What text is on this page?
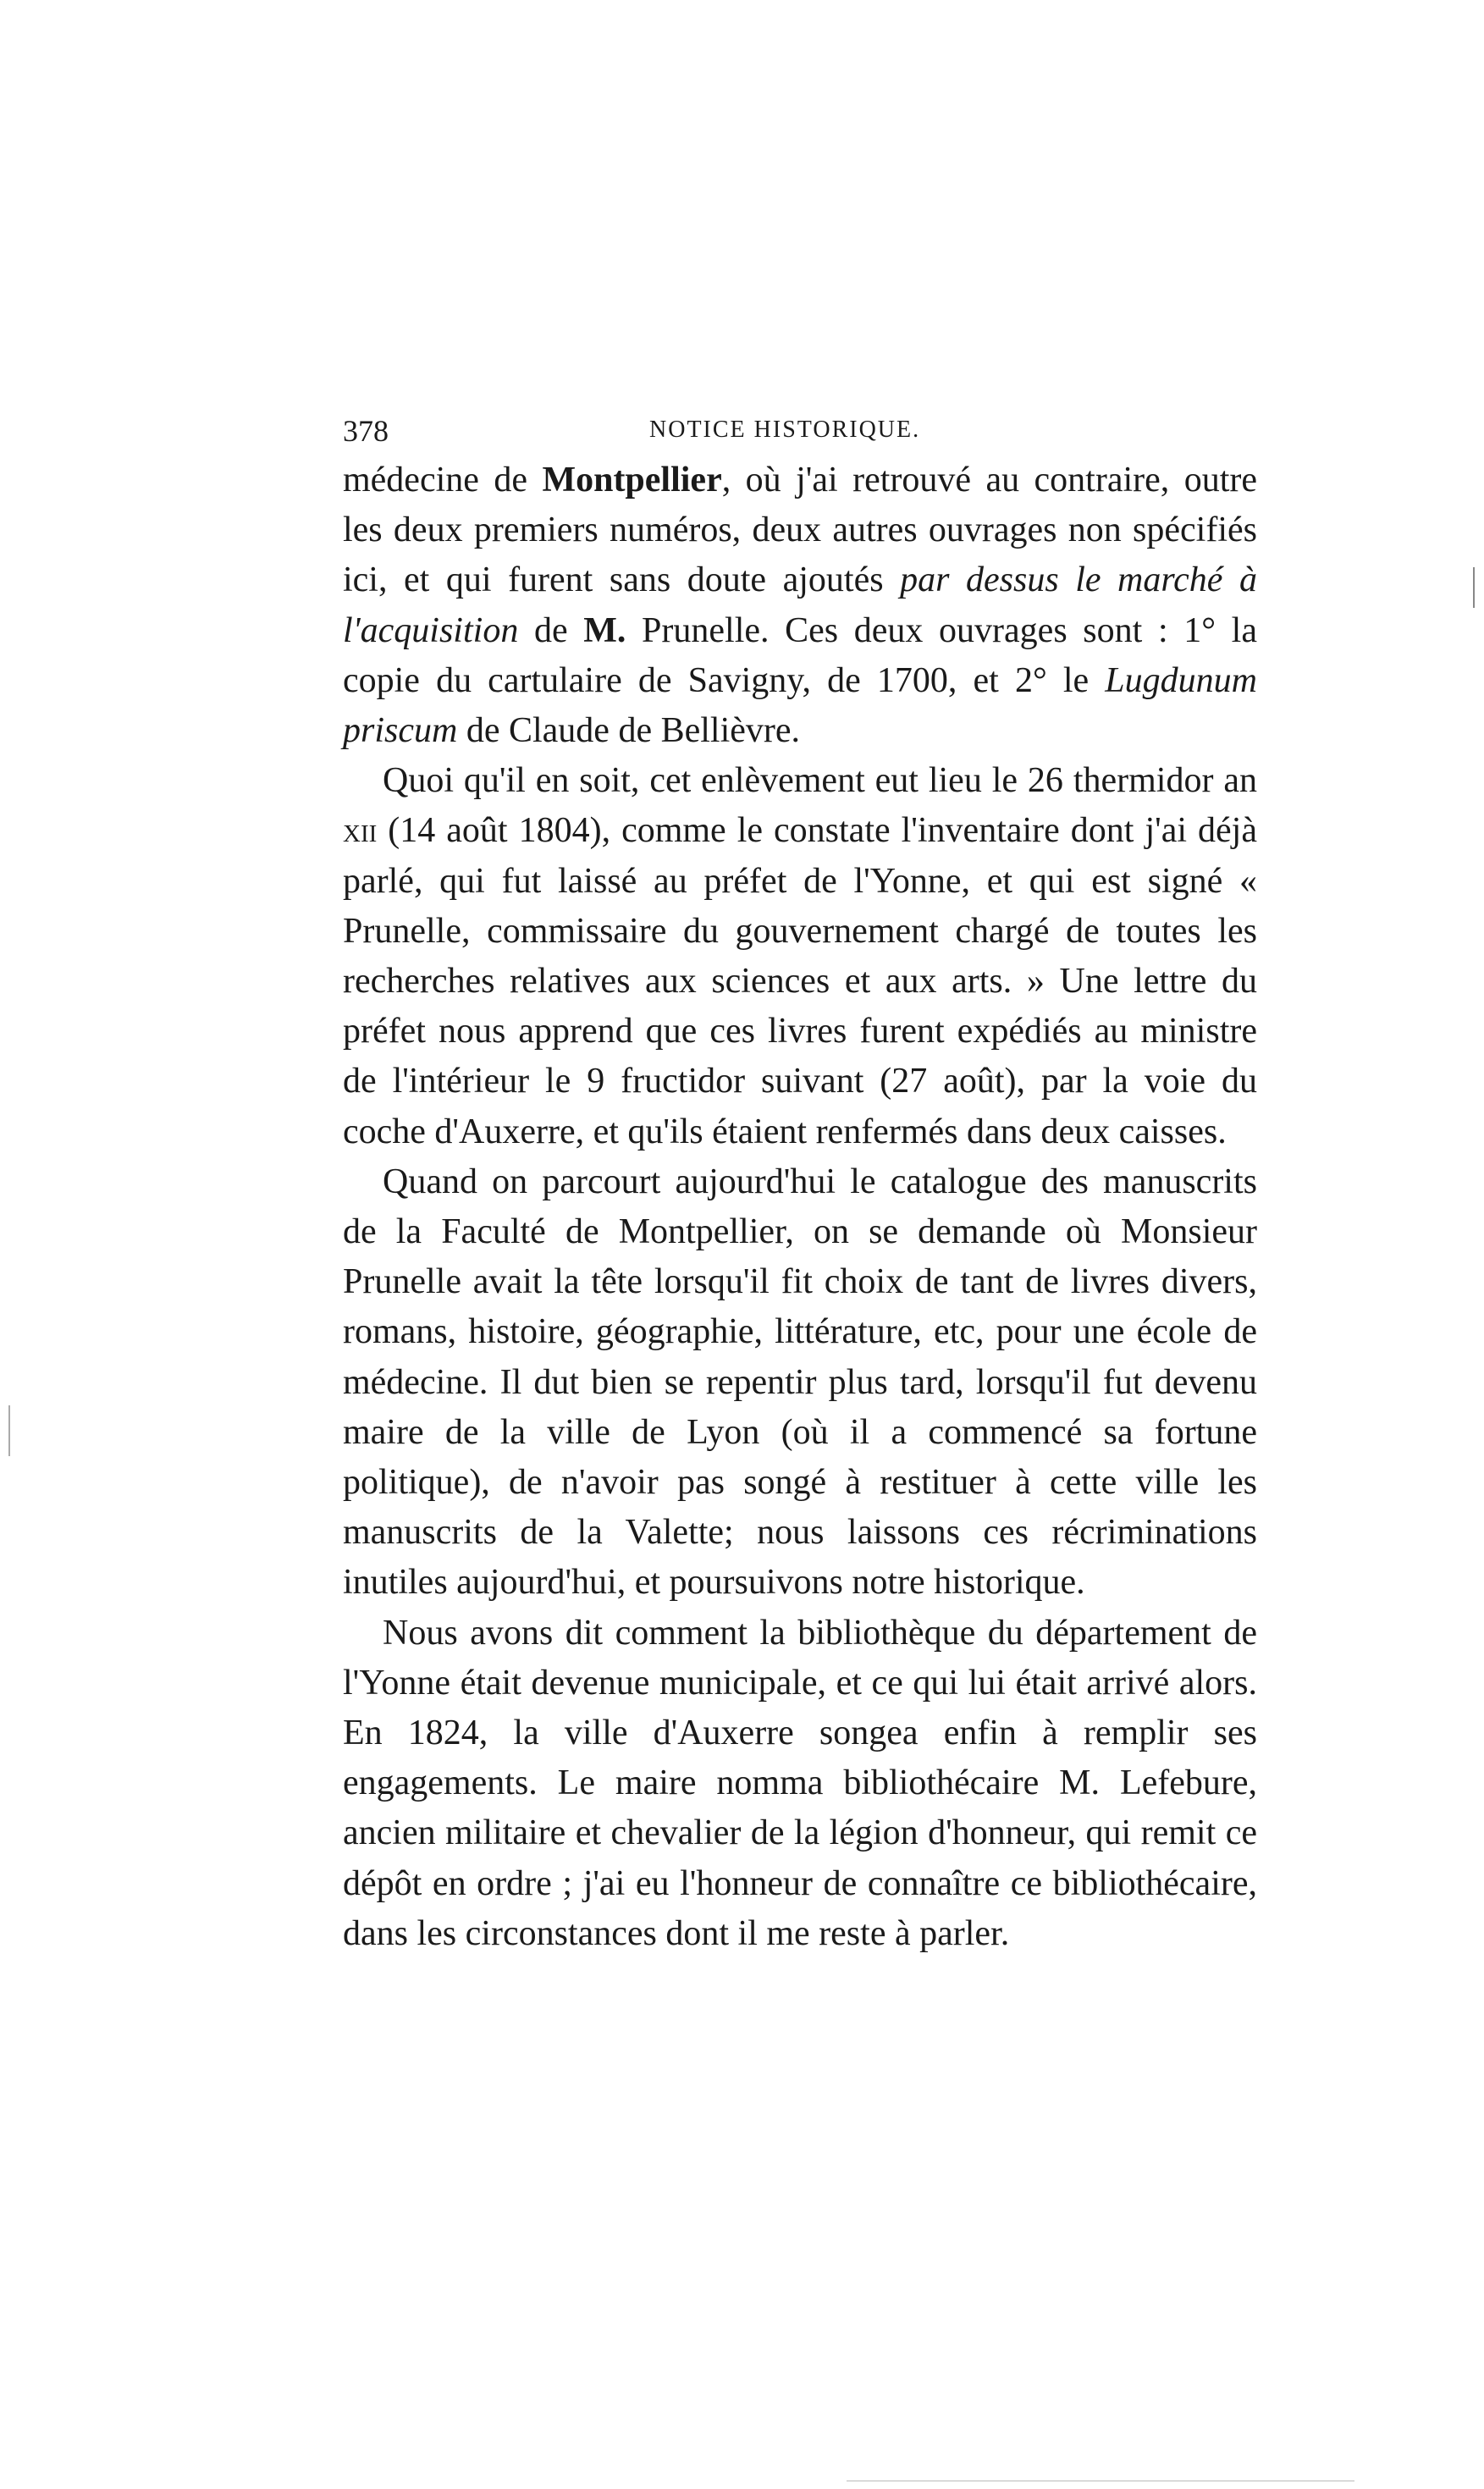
378	NOTICE HISTORIQUE.

médecine de Montpellier, où j'ai retrouvé au contraire, outre les deux premiers numéros, deux autres ouvrages non spécifiés ici, et qui furent sans doute ajoutés par dessus le marché à l'acquisition de M. Prunelle. Ces deux ouvrages sont : 1° la copie du cartulaire de Savigny, de 1700, et 2° le Lugdunum priscum de Claude de Bellièvre.

Quoi qu'il en soit, cet enlèvement eut lieu le 26 thermidor an xii (14 août 1804), comme le constate l'inventaire dont j'ai déjà parlé, qui fut laissé au préfet de l'Yonne, et qui est signé « Prunelle, commissaire du gouvernement chargé de toutes les recherches relatives aux sciences et aux arts. » Une lettre du préfet nous apprend que ces livres furent expédiés au ministre de l'intérieur le 9 fructidor suivant (27 août), par la voie du coche d'Auxerre, et qu'ils étaient renfermés dans deux caisses.

Quand on parcourt aujourd'hui le catalogue des manuscrits de la Faculté de Montpellier, on se demande où Monsieur Prunelle avait la tête lorsqu'il fit choix de tant de livres divers, romans, histoire, géographie, littérature, etc, pour une école de médecine. Il dut bien se repentir plus tard, lorsqu'il fut devenu maire de la ville de Lyon (où il a commencé sa fortune politique), de n'avoir pas songé à restituer à cette ville les manuscrits de la Valette; nous laissons ces récriminations inutiles aujourd'hui, et poursuivons notre historique.

Nous avons dit comment la bibliothèque du département de l'Yonne était devenue municipale, et ce qui lui était arrivé alors. En 1824, la ville d'Auxerre songea enfin à remplir ses engagements. Le maire nomma bibliothécaire M. Lefebure, ancien militaire et chevalier de la légion d'honneur, qui remit ce dépôt en ordre ; j'ai eu l'honneur de connaître ce bibliothécaire, dans les circonstances dont il me reste à parler.
